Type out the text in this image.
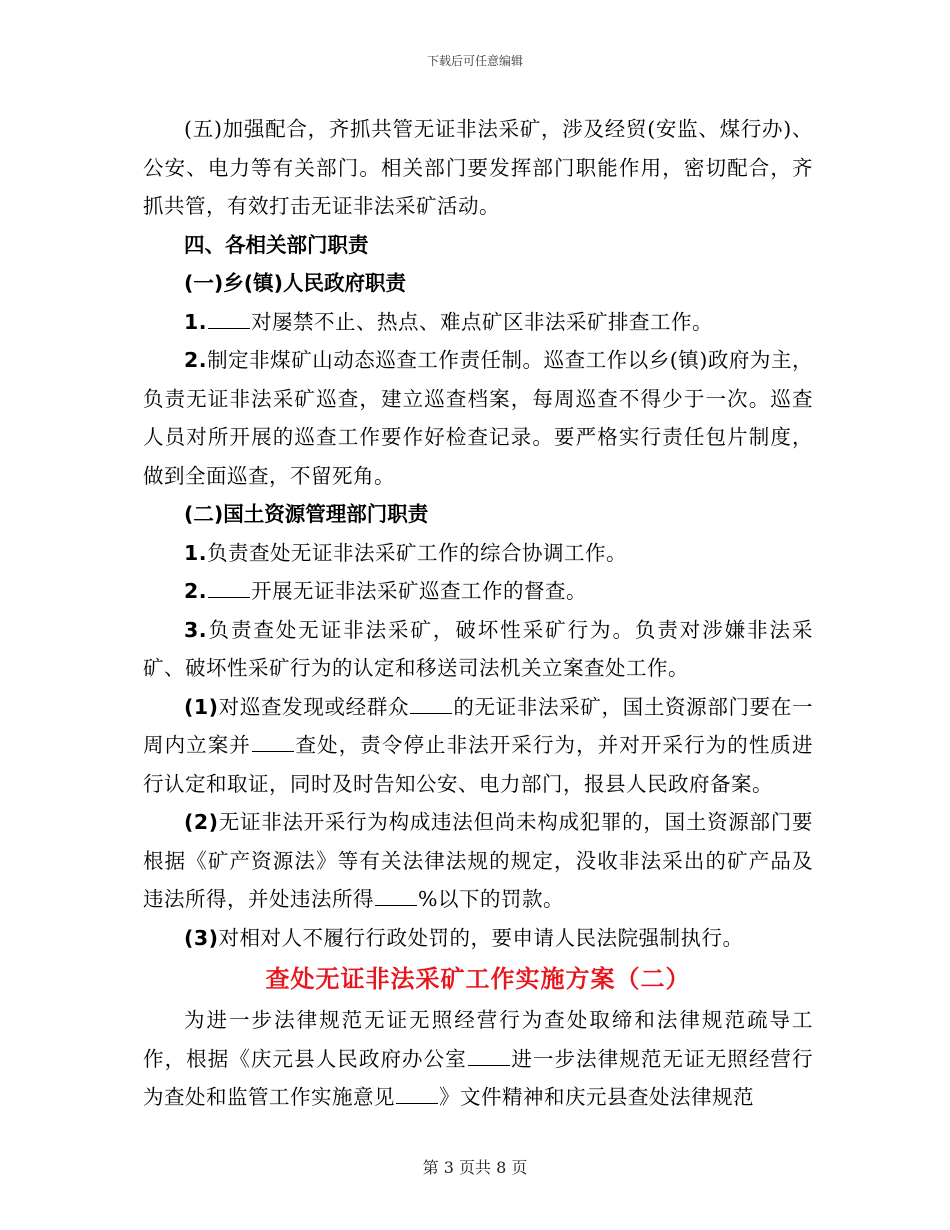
下载后可任意编辑

(五)加强配合，齐抓共管无证非法采矿，涉及经贸(安监、煤行办)、公安、电力等有关部门。相关部门要发挥部门职能作用，密切配合，齐抓共管，有效打击无证非法采矿活动。

四、各相关部门职责

(一)乡(镇)人民政府职责

1. 对屡禁不止、热点、难点矿区非法采矿排查工作。

2.制定非煤矿山动态巡查工作责任制。巡查工作以乡(镇)政府为主，负责无证非法采矿巡查，建立巡查档案，每周巡查不得少于一次。巡查人员对所开展的巡查工作要作好检查记录。要严格实行责任包片制度，做到全面巡查，不留死角。

(二)国土资源管理部门职责

1.负责查处无证非法采矿工作的综合协调工作。

2. 开展无证非法采矿巡查工作的督查。

3.负责查处无证非法采矿，破坏性采矿行为。负责对涉嫌非法采矿、破坏性采矿行为的认定和移送司法机关立案查处工作。

(1)对巡查发现或经群众 的无证非法采矿，国土资源部门要在一周内立案并 查处，责令停止非法开采行为，并对开采行为的性质进行认定和取证，同时及时告知公安、电力部门，报县人民政府备案。

(2)无证非法开采行为构成违法但尚未构成犯罪的，国土资源部门要根据《矿产资源法》等有关法律法规的规定，没收非法采出的矿产品及违法所得，并处违法所得 %以下的罚款。

(3)对相对人不履行行政处罚的，要申请人民法院强制执行。

查处无证非法采矿工作实施方案（二）

为进一步法律规范无证无照经营行为查处取缔和法律规范疏导工作，根据《庆元县人民政府办公室 进一步法律规范无证无照经营行为查处和监管工作实施意见 》文件精神和庆元县查处法律规范

第 3 页共 8 页
